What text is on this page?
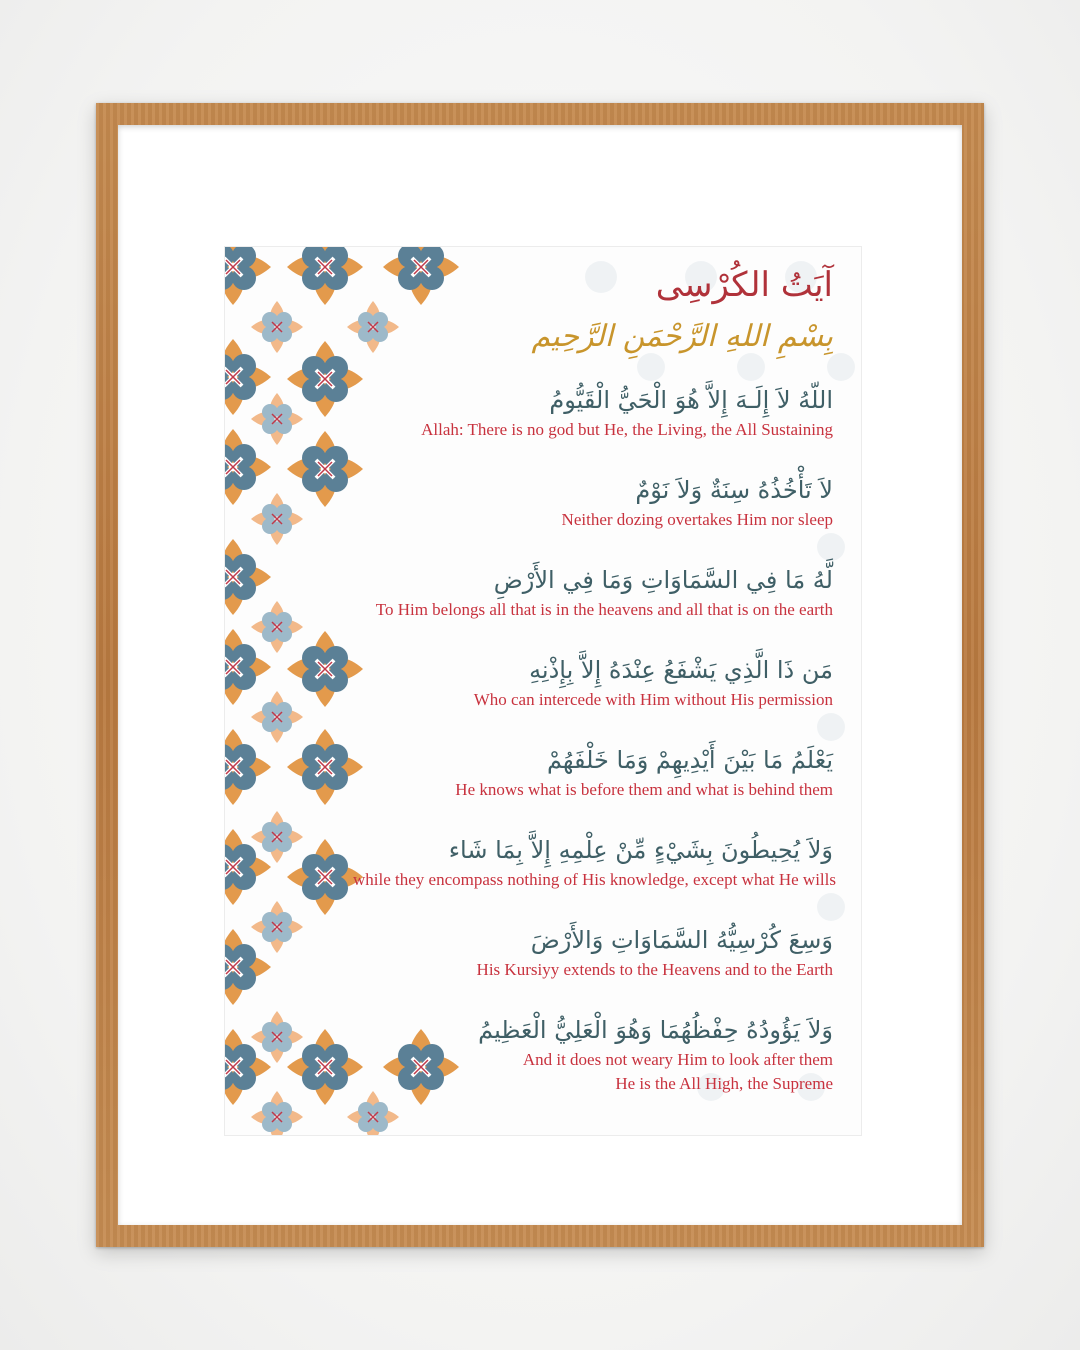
آيَتُ الكُرْسِى
بِسْمِ اللهِ الرَّحْمَنِ الرَّحِيم
اللّهُ لاَ إِلَـهَ إِلاَّ هُوَ الْحَيُّ الْقَيُّومُ
Allah: There is no god but He, the Living, the All Sustaining
لاَ تَأْخُذُهُ سِنَةٌ وَلاَ نَوْمٌ
Neither dozing overtakes Him nor sleep
لَّهُ مَا فِي السَّمَاوَاتِ وَمَا فِي الأَرْضِ
To Him belongs all that is in the heavens and all that is on the earth
مَن ذَا الَّذِي يَشْفَعُ عِنْدَهُ إِلاَّ بِإِذْنِهِ
Who can intercede with Him without His permission
يَعْلَمُ مَا بَيْنَ أَيْدِيهِمْ وَمَا خَلْفَهُمْ
He knows what is before them and what is behind them
وَلاَ يُحِيطُونَ بِشَيْءٍ مِّنْ عِلْمِهِ إِلاَّ بِمَا شَاء
while they encompass nothing of His knowledge, except what He wills
وَسِعَ كُرْسِيُّهُ السَّمَاوَاتِ وَالأَرْضَ
His Kursiyy extends to the Heavens and to the Earth
وَلاَ يَؤُودُهُ حِفْظُهُمَا وَهُوَ الْعَلِيُّ الْعَظِيمُ
And it does not weary Him to look after them
He is the All High, the Supreme
